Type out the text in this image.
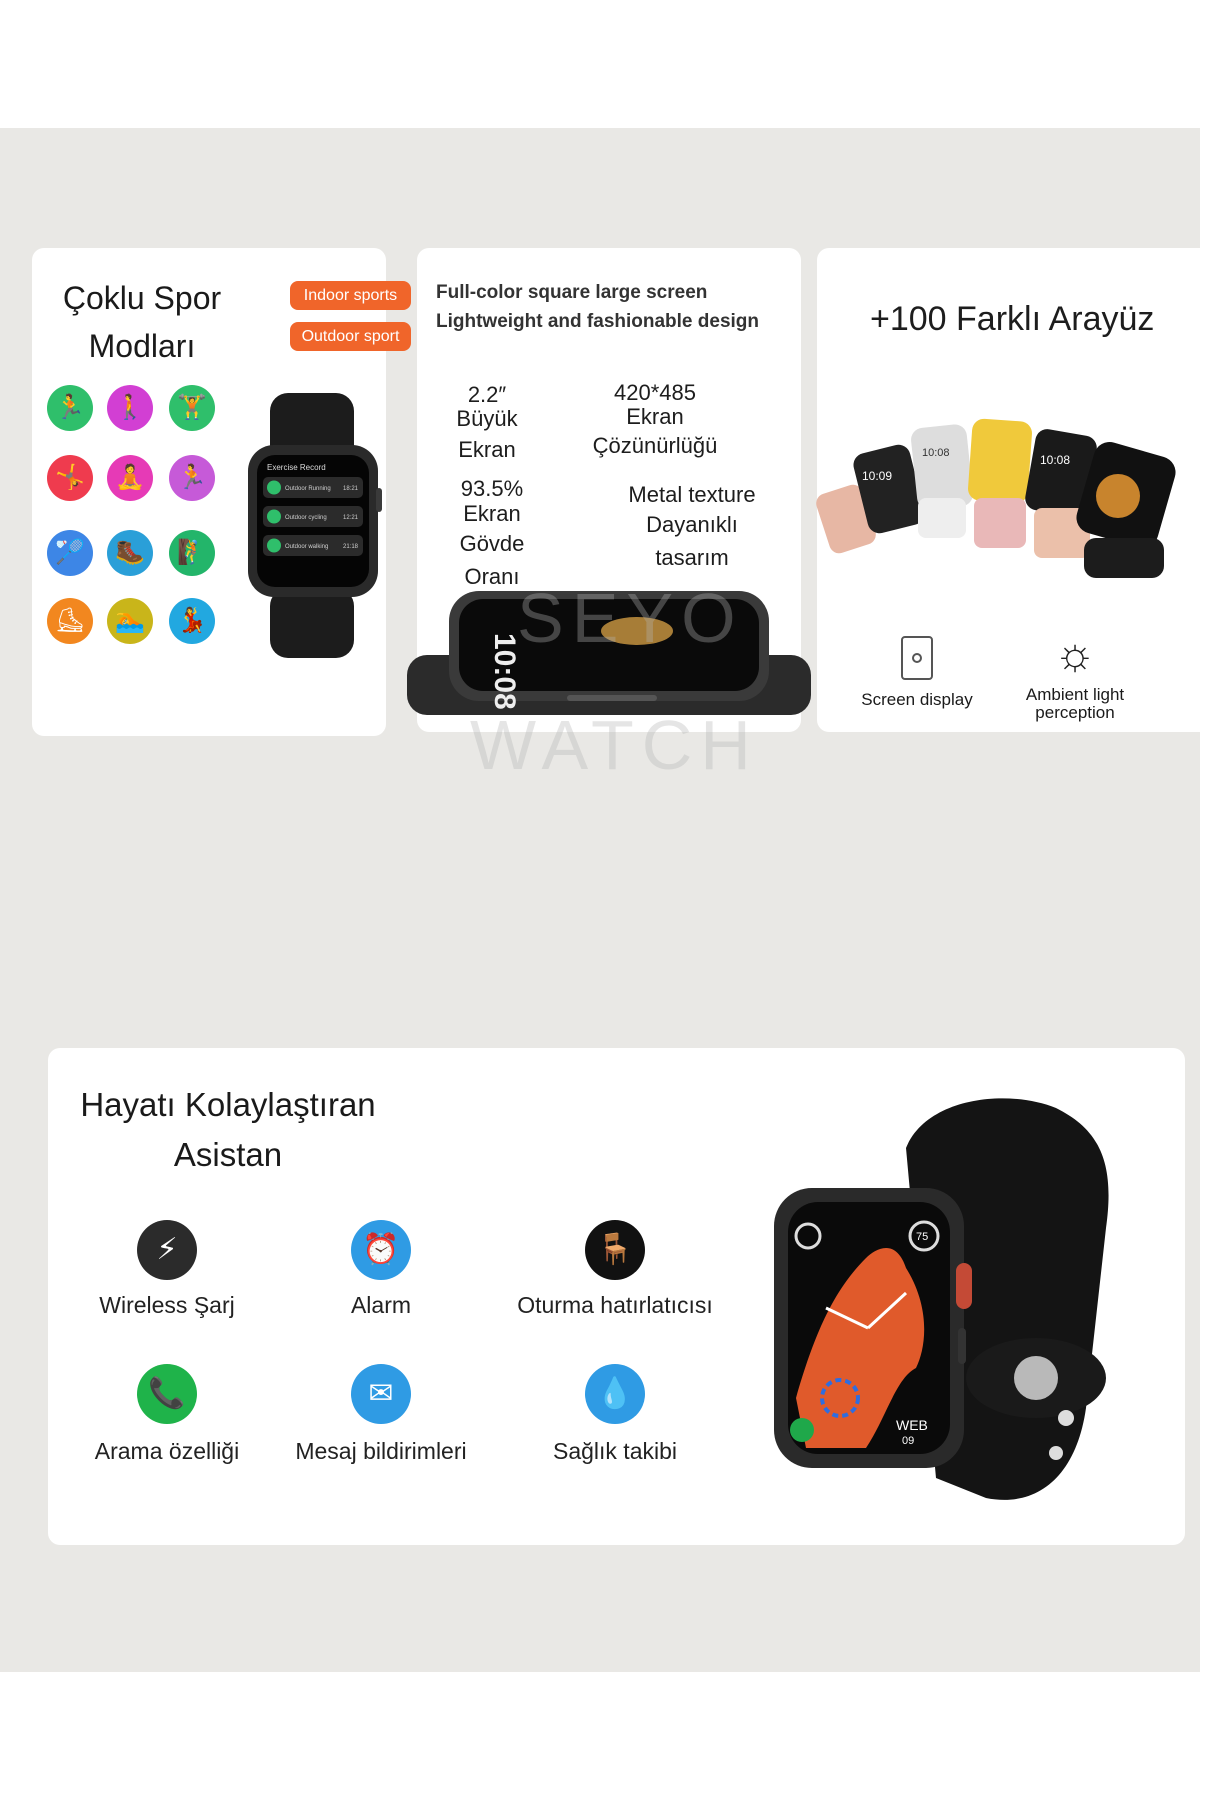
Çoklu Spor
Modları
Indoor sports
Outdoor sport
🏃	🚶	🏋
🤸	🧘	🏃
🏸	🥾	🧗
⛸	🏊	💃
Exercise Record
Outdoor Running 18:21
Outdoor cycling	12:21
Outdoor walking 21:18
Full-color square large screen
Lightweight and fashionable design
2.2″
Büyük
Ekran
420*485
Ekran
Çözünürlüğü
93.5%
Ekran
Gövde
Oranı
Metal texture
Dayanıklı
tasarım
10:08
SEYO
WATCH
+100 Farklı Arayüz
10:09
10:08	10:08
Screen display
☼
Ambient light
perception
Hayatı Kolaylaştıran
Asistan
⚡
Wireless Şarj
⏰
Alarm
🪑
Oturma hatırlatıcısı
📞
Arama özelliği
✉
Mesaj bildirimleri
💧
Sağlık takibi
75
WEB
09
